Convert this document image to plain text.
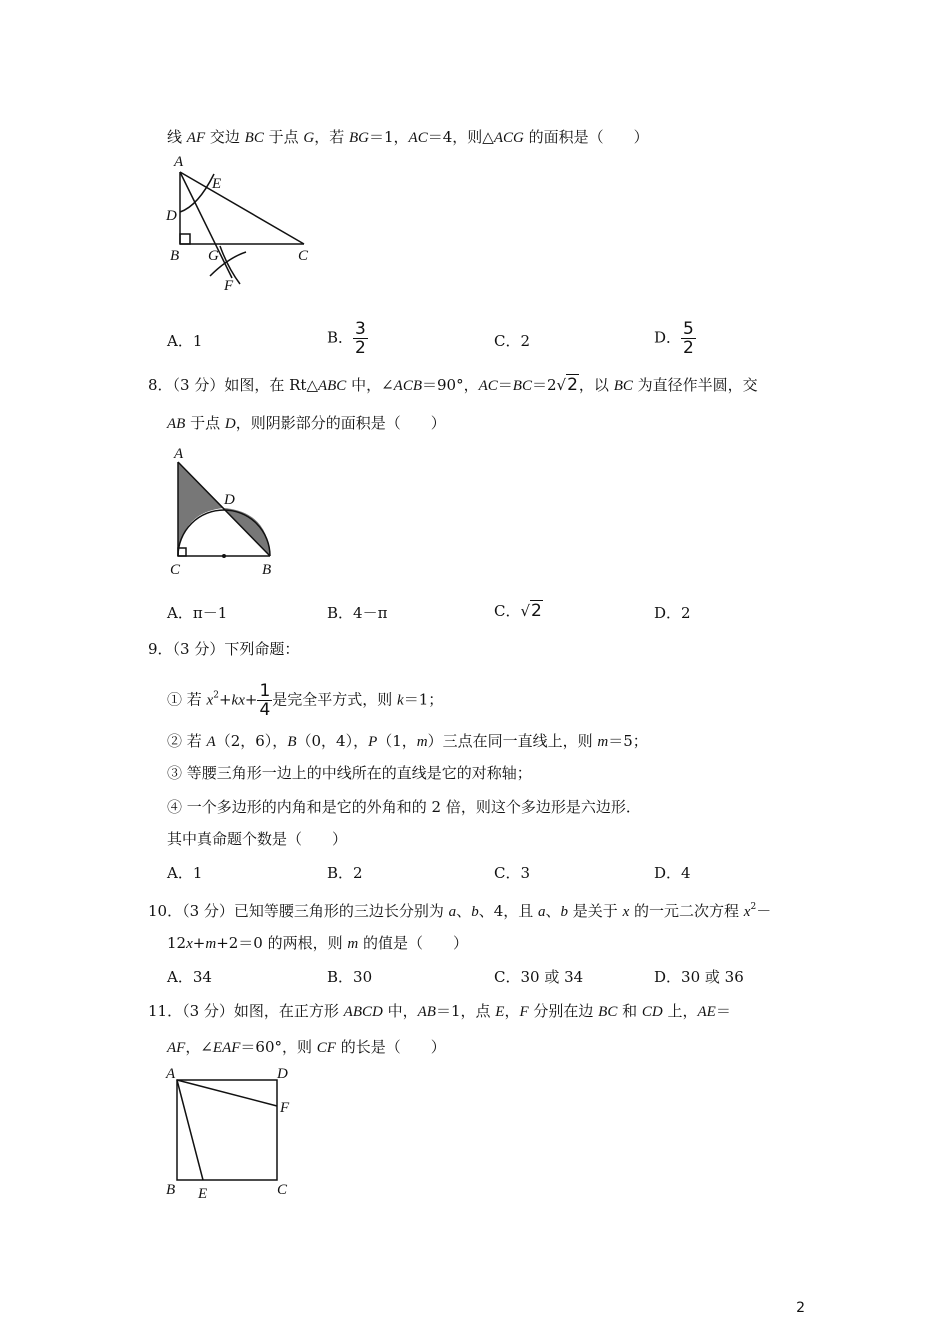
线 AF 交边 BC 于点 G，若 BG＝1，AC＝4，则△ACG 的面积是（　　）
A
E
D
B G	C
F
A．1	B． $\frac{3}{2}$	C．2	D． $\frac{5}{2}$
8．（3 分）如图，在 Rt△ABC 中，∠ACB＝90°，AC＝BC＝2√2，以 BC 为直径作半圆，交
AB 于点 D，则阴影部分的面积是（　　）
A
D
C	B
A．π－1	B．4－π	C．√2	D．2
9．（3 分）下列命题：
① 若 $x^2+kx+ \frac{1}{4}$ 是完全平方式，则 k＝1；
② 若 A（2，6），B（0，4），P（1，m）三点在同一直线上，则 m＝5；
③ 等腰三角形一边上的中线所在的直线是它的对称轴；
④ 一个多边形的内角和是它的外角和的 2 倍，则这个多边形是六边形．
其中真命题个数是（　　）
A．1	B．2	C．3	D．4
10．（3 分）已知等腰三角形的三边长分别为 a、b、4，且 a、b 是关于 x 的一元二次方程 $x^2-$
12x+m+2＝0 的两根，则 m 的值是（　　）
A．34	B．30	C．30 或 34	D．30 或 36
11．（3 分）如图，在正方形 ABCD 中，AB＝1，点 E，F 分别在边 BC 和 CD 上，AE＝
AF，∠EAF＝60°，则 CF 的长是（　　）
A	D
F
B E	C
2
